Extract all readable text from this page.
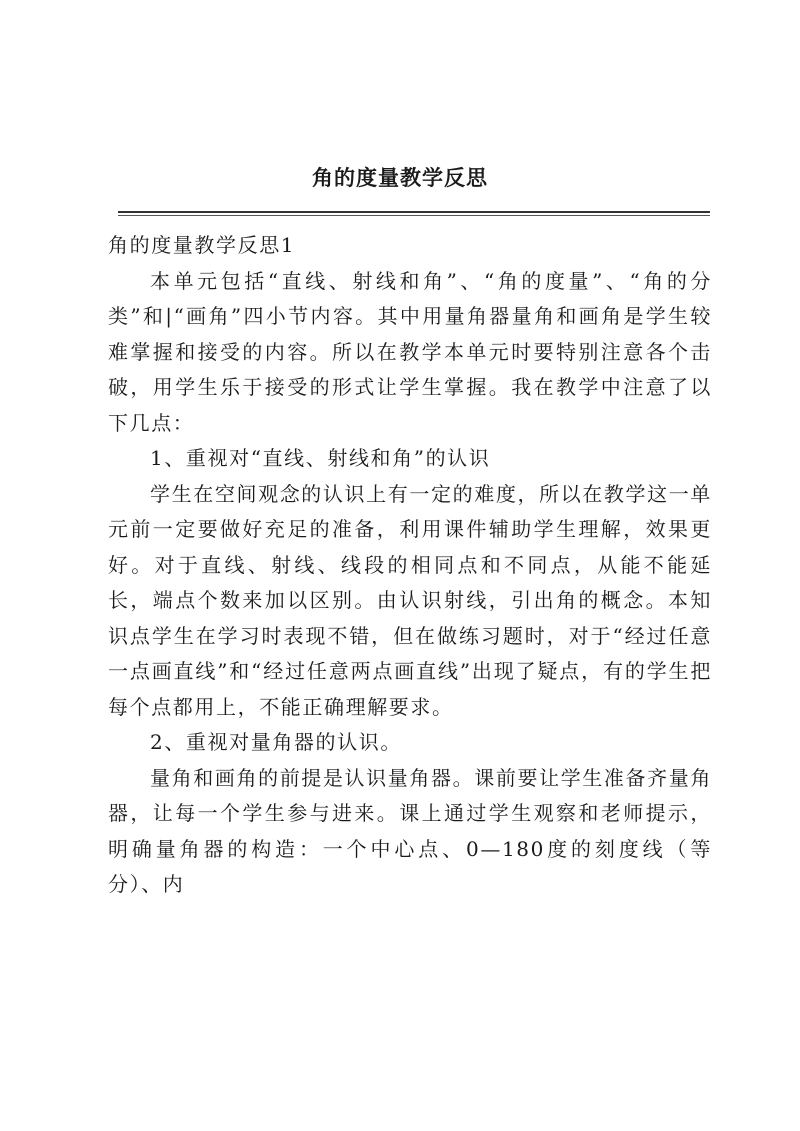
角的度量教学反思

角的度量教学反思1

本单元包括“直线、射线和角”、“角的度量”、“角的分类”和|“画角”四小节内容。其中用量角器量角和画角是学生较难掌握和接受的内容。所以在教学本单元时要特别注意各个击破，用学生乐于接受的形式让学生掌握。我在教学中注意了以下几点：

1、重视对“直线、射线和角”的认识

学生在空间观念的认识上有一定的难度，所以在教学这一单元前一定要做好充足的准备，利用课件辅助学生理解，效果更好。对于直线、射线、线段的相同点和不同点，从能不能延长，端点个数来加以区别。由认识射线，引出角的概念。本知识点学生在学习时表现不错，但在做练习题时，对于“经过任意一点画直线”和“经过任意两点画直线”出现了疑点，有的学生把每个点都用上，不能正确理解要求。

2、重视对量角器的认识。

量角和画角的前提是认识量角器。课前要让学生准备齐量角器，让每一个学生参与进来。课上通过学生观察和老师提示，明确量角器的构造：一个中心点、0—180度的刻度线（等分）、内
